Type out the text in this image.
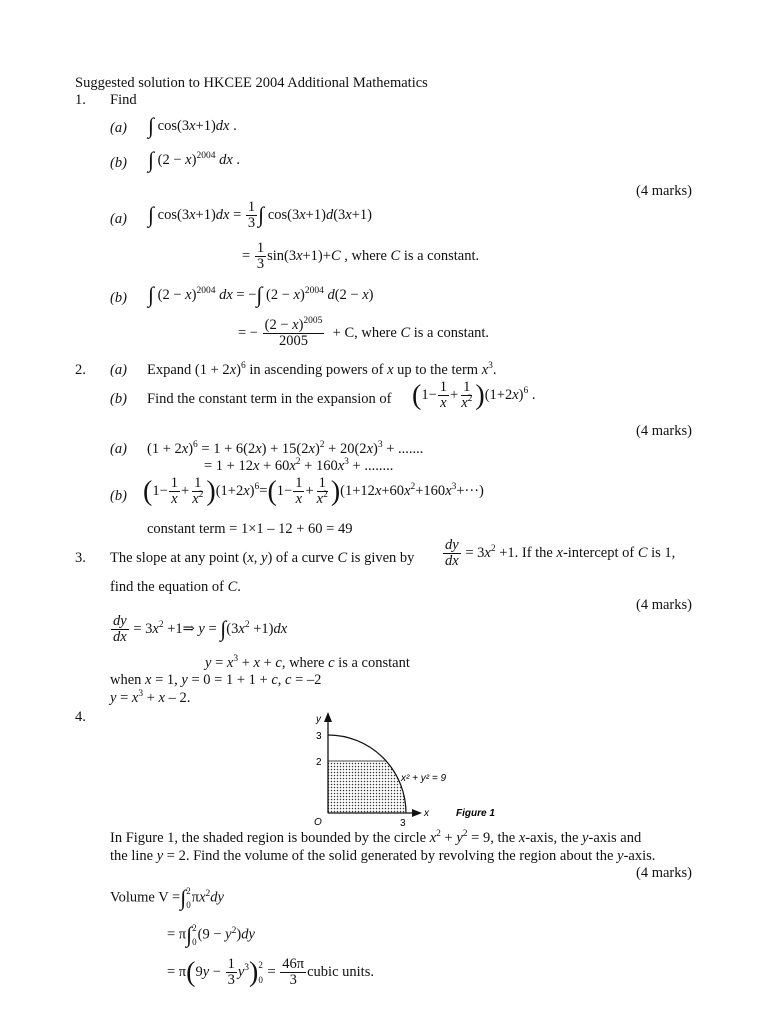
Suggested solution to HKCEE 2004 Additional Mathematics
1. Find
(a) ∫ cos(3x+1)dx .
(b) ∫ $(2 - x)^{2004}$ dx .
(4 marks)
(a) ∫ $\cos(3x+1)dx = \frac{1}{3}$ ∫ cos(3x+1)d(3x+1)
= $\frac{1}{3} \sin(3x+1)+C$ , where C is a constant.
(b) ∫ $(2 - x)^{2004}$ dx = −∫ $(2 - x)^{2004}$ d(2 − x)
= − $\frac{(2 - x)^{2005}}{2005} + C$, where C is a constant.
2. (a) Expand $(1 + 2x)^6$ in ascending powers of x up to the term $x^3$.
(b) Find the constant term in the expansion of $(1- \frac{1}{x} + \frac{1}{x^2} )(1+2x)^6$ .
(4 marks)
(a) $(1 + 2x)^6 = 1 + 6(2x) + 15(2x)^2 + 20(2x)^3$ + .......
= $1 + 12x + 60x^2 + 160x^3$ + ........
(b) $(1- \frac{1}{x} + \frac{1}{x^2} )(1+2x)^6=(1- \frac{1}{x} + \frac{1}{x^2} )(1+12x+60x^2+160x^3+\cdot\cdot\cdot)$
constant term = 1×1 – 12 + 60 = 49
3. The slope at any point (x, y) of a curve C is given by $\frac{dy}{dx} = 3x^2 +1$. If the x-intercept of C is 1,
find the equation of C.
(4 marks)
$\frac{dy}{dx} = 3x^2$ +1⇒ $y = \int(3x^2 +1)dx$
$y = x^3 + x + c$, where c is a constant
when x = 1, y = 0 = 1 + 1 + c, c = –2
$y = x^3 + x - 2$.
4.	y
x
3
2
O	3
x² + y² = 9
Figure 1
In Figure 1, the shaded region is bounded by the circle $x^2 + y^2 = 9$, the x-axis, the y-axis and
the line y = 2. Find the volume of the solid generated by revolving the region about the y-axis.
(4 marks)
Volume V =∫ 2
0 $\pi x^2dy$
= π∫ 2
0 $(9 - y^2)dy$
= $\pi(9y - \frac{1}{3} y^3)$ 2
$0 = \frac{46\pi}{3}$ cubic units.
